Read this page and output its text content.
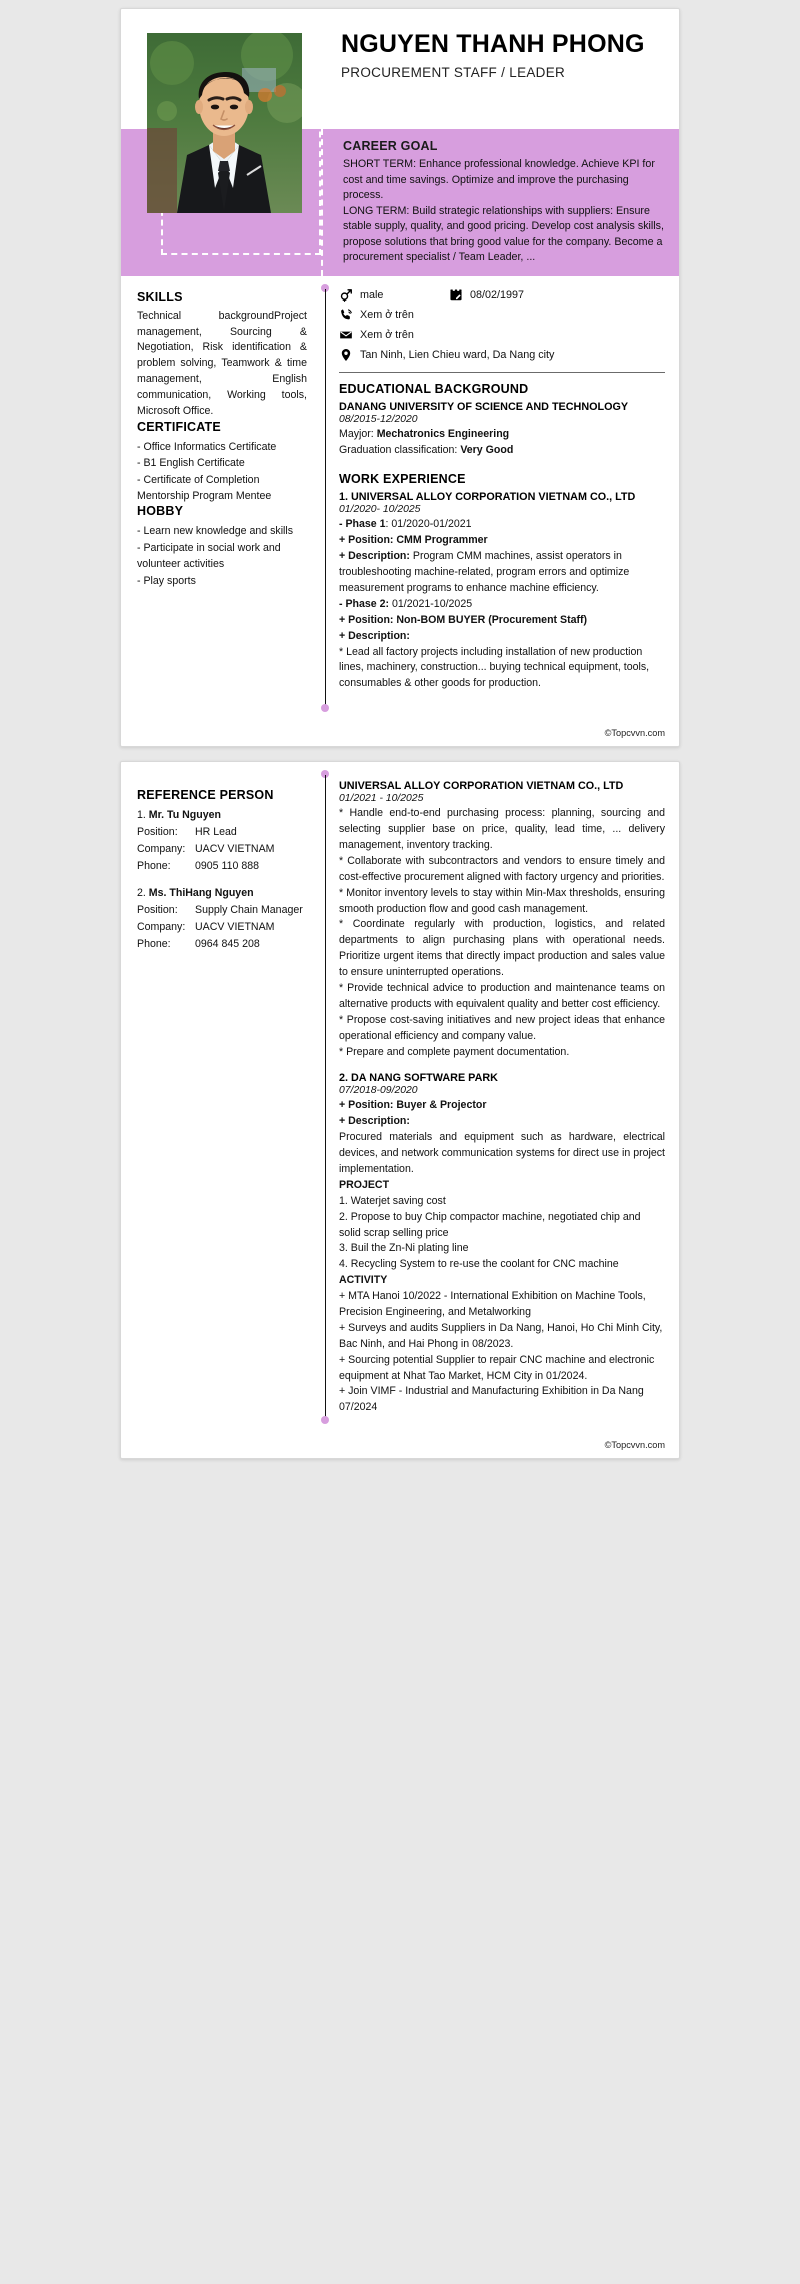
NGUYEN THANH PHONG
PROCUREMENT STAFF / LEADER
CAREER GOAL

SHORT TERM: Enhance professional knowledge. Achieve KPI for cost and time savings. Optimize and improve the purchasing process.

LONG TERM: Build strategic relationships with suppliers: Ensure stable supply, quality, and good pricing. Develop cost analysis skills, propose solutions that bring good value for the company. Become a procurement specialist / Team Leader, ...

SKILLS

Technical backgroundProject management, Sourcing & Negotiation, Risk identification & problem solving, Teamwork & time management, English communication, Working tools, Microsoft Office.

CERTIFICATE

- Office Informatics Certificate

- B1 English Certificate

- Certificate of Completion Mentorship Program Mentee

HOBBY

- Learn new knowledge and skills

- Participate in social work and volunteer activities

- Play sports

male	08/02/1997
Xem ở trên
Xem ở trên
Tan Ninh, Lien Chieu ward, Da Nang city
EDUCATIONAL BACKGROUND
DANANG UNIVERSITY OF SCIENCE AND TECHNOLOGY
08/2015-12/2020
Mayjor: Mechatronics Engineering
Graduation classification: Very Good
WORK EXPERIENCE
1. UNIVERSAL ALLOY CORPORATION VIETNAM CO., LTD
01/2020- 10/2025
- Phase 1: 01/2020-01/2021
+ Position: CMM Programmer
+ Description: Program CMM machines, assist operators in troubleshooting machine-related, program errors and optimize measurement programs to enhance machine efficiency.
- Phase 2: 01/2021-10/2025
+ Position: Non-BOM BUYER (Procurement Staff)
+ Description:
* Lead all factory projects including installation of new production lines, machinery, construction... buying technical equipment, tools, consumables & other goods for production.
©Topcvvn.com
REFERENCE PERSON
1. Mr. Tu Nguyen
Position: HR Lead
Company: UACV VIETNAM
Phone: 0905 110 888
2. Ms. ThiHang Nguyen
Position: Supply Chain Manager
Company: UACV VIETNAM
Phone: 0964 845 208
UNIVERSAL ALLOY CORPORATION VIETNAM CO., LTD
01/2021 - 10/2025

* Handle end-to-end purchasing process: planning, sourcing and selecting supplier base on price, quality, lead time, ... delivery management, inventory tracking.

* Collaborate with subcontractors and vendors to ensure timely and cost-effective procurement aligned with factory urgency and priorities.

* Monitor inventory levels to stay within Min-Max thresholds, ensuring smooth production flow and good cash management.

* Coordinate regularly with production, logistics, and related departments to align purchasing plans with operational needs. Prioritize urgent items that directly impact production and sales value to ensure uninterrupted operations.

* Provide technical advice to production and maintenance teams on alternative products with equivalent quality and better cost efficiency.

* Propose cost-saving initiatives and new project ideas that enhance operational efficiency and company value.

* Prepare and complete payment documentation.

2. DA NANG SOFTWARE PARK
07/2018-09/2020
+ Position: Buyer & Projector
+ Description:

Procured materials and equipment such as hardware, electrical devices, and network communication systems for direct use in project implementation.

PROJECT

1. Waterjet saving cost

2. Propose to buy Chip compactor machine, negotiated chip and solid scrap selling price

3. Buil the Zn-Ni plating line

4. Recycling System to re-use the coolant for CNC machine

ACTIVITY

+ MTA Hanoi 10/2022 - International Exhibition on Machine Tools, Precision Engineering, and Metalworking

+ Surveys and audits Suppliers in Da Nang, Hanoi, Ho Chi Minh City, Bac Ninh, and Hai Phong in 08/2023.

+ Sourcing potential Supplier to repair CNC machine and electronic equipment at Nhat Tao Market, HCM City in 01/2024.

+ Join VIMF - Industrial and Manufacturing Exhibition in Da Nang 07/2024

©Topcvvn.com
